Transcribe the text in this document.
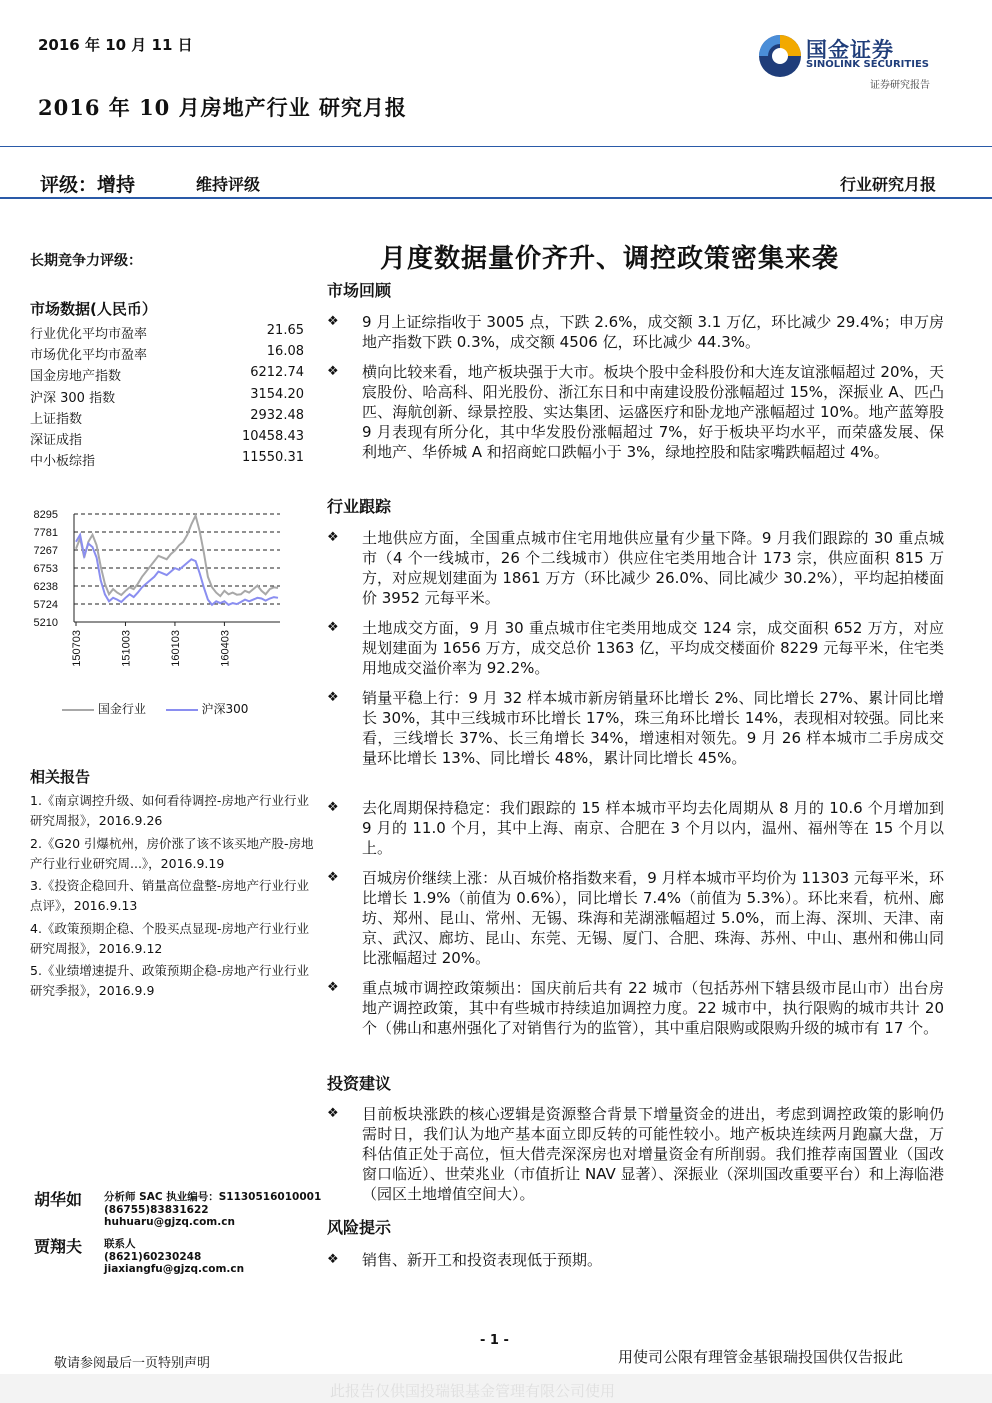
2016 年 10 月 11 日
2016 年 10 月房地产行业 研究月报
国金证券
SINOLINK SECURITIES
证券研究报告
评级：增持	维持评级	行业研究月报
长期竞争力评级：
市场数据(人民币）
行业优化平均市盈率	21.65
市场优化平均市盈率	16.08
国金房地产指数	6212.74
沪深 300 指数	3154.20
上证指数	2932.48
深证成指	10458.43
中小板综指	11550.31
8295
7781
7267
6753
6238
5724
5210
150703	151003	160103	160403
国金行业	沪深300
相关报告
1.《南京调控升级、如何看待调控-房地产行业行业研究周报》，2016.9.26
2.《G20 引爆杭州，房价涨了该不该买地产股-房地产行业行业研究周...》，2016.9.19
3.《投资企稳回升、销量高位盘整-房地产行业行业点评》，2016.9.13
4.《政策预期企稳、个股买点显现-房地产行业行业研究周报》，2016.9.12
5.《业绩增速提升、政策预期企稳-房地产行业行业研究季报》，2016.9.9
胡华如 分析师 SAC 执业编号：S1130516010001
(86755)83831622
huhuaru@gjzq.com.cn
贾翔夫 联系人
(8621)60230248
jiaxiangfu@gjzq.com.cn
月度数据量价齐升、调控政策密集来袭
市场回顾
❖ 9 月上证综指收于 3005 点，下跌 2.6%，成交额 3.1 万亿，环比减少 29.4%；申万房地产指数下跌 0.3%，成交额 4506 亿，环比减少 44.3%。
❖ 横向比较来看，地产板块强于大市。板块个股中金科股份和大连友谊涨幅超过 20%，天宸股份、哈高科、阳光股份、浙江东日和中南建设股份涨幅超过 15%，深振业 A、匹凸匹、海航创新、绿景控股、实达集团、运盛医疗和卧龙地产涨幅超过 10%。地产蓝筹股 9 月表现有所分化，其中华发股份涨幅超过 7%，好于板块平均水平，而荣盛发展、保利地产、华侨城 A 和招商蛇口跌幅小于 3%，绿地控股和陆家嘴跌幅超过 4%。
行业跟踪
❖ 土地供应方面，全国重点城市住宅用地供应量有少量下降。9 月我们跟踪的 30 重点城市（4 个一线城市，26 个二线城市）供应住宅类用地合计 173 宗，供应面积 815 万方，对应规划建面为 1861 万方（环比减少 26.0%、同比减少 30.2%），平均起拍楼面价 3952 元每平米。
❖ 土地成交方面，9 月 30 重点城市住宅类用地成交 124 宗，成交面积 652 万方，对应规划建面为 1656 万方，成交总价 1363 亿，平均成交楼面价 8229 元每平米，住宅类用地成交溢价率为 92.2%。
❖ 销量平稳上行：9 月 32 样本城市新房销量环比增长 2%、同比增长 27%、累计同比增长 30%，其中三线城市环比增长 17%，珠三角环比增长 14%，表现相对较强。同比来看，三线增长 37%、长三角增长 34%，增速相对领先。9 月 26 样本城市二手房成交量环比增长 13%、同比增长 48%，累计同比增长 45%。
❖ 去化周期保持稳定：我们跟踪的 15 样本城市平均去化周期从 8 月的 10.6 个月增加到 9 月的 11.0 个月，其中上海、南京、合肥在 3 个月以内，温州、福州等在 15 个月以上。
❖ 百城房价继续上涨：从百城价格指数来看，9 月样本城市平均价为 11303 元每平米，环比增长 1.9%（前值为 0.6%），同比增长 7.4%（前值为 5.3%）。环比来看，杭州、廊坊、郑州、昆山、常州、无锡、珠海和芜湖涨幅超过 5.0%，而上海、深圳、天津、南京、武汉、廊坊、昆山、东莞、无锡、厦门、合肥、珠海、苏州、中山、惠州和佛山同比涨幅超过 20%。
❖ 重点城市调控政策频出：国庆前后共有 22 城市（包括苏州下辖县级市昆山市）出台房地产调控政策，其中有些城市持续追加调控力度。22 城市中，执行限购的城市共计 20 个（佛山和惠州强化了对销售行为的监管），其中重启限购或限购升级的城市有 17 个。
投资建议
❖ 目前板块涨跌的核心逻辑是资源整合背景下增量资金的进出，考虑到调控政策的影响仍需时日，我们认为地产基本面立即反转的可能性较小。地产板块连续两月跑赢大盘，万科估值正处于高位，恒大借壳深深房也对增量资金有所削弱。我们推荐南国置业（国改窗口临近）、世荣兆业（市值折让 NAV 显著）、深振业（深圳国改重要平台）和上海临港（园区土地增值空间大）。
风险提示
❖ 销售、新开工和投资表现低于预期。
- 1 -
敬请参阅最后一页特别声明	用使司公限有理管金基银瑞投国供仅告报此
此报告仅供国投瑞银基金管理有限公司使用
